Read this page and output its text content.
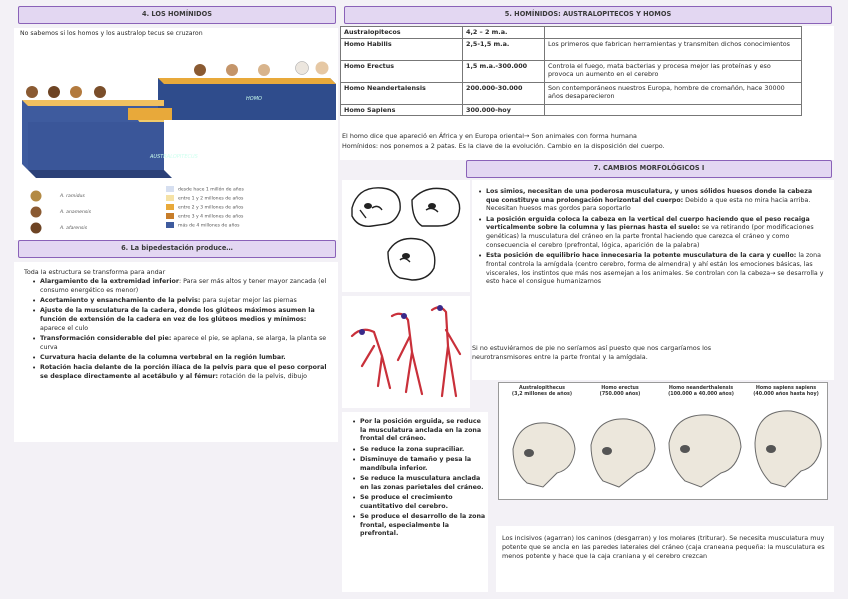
4. LOS HOMÍNIDOS
No sabemos si los homos y los australop tecus se cruzaron
HOMO
AUSTRALOPITECUS
A. ramidus
A. anamensis
A. afarensis
desde hace 1 millón de años
entre 1 y 2 millones de años
entre 2 y 3 millones de años
entre 3 y 4 millones de años
más de 4 millones de años
5. HOMÍNIDOS: AUSTRALOPITECOS Y HOMOS
Australopitecos	4,2 – 2 m.a.	
Homo Habilis	2,5-1,5 m.a.	Los primeros que fabrican herramientas y transmiten dichos conocimientos
Homo Erectus	1,5 m.a.-300.000	Controla el fuego, mata bacterias y procesa mejor las proteínas y eso provoca un aumento en el cerebro
Homo Neandertalensis	200.000-30.000	Son contemporáneos nuestros Europa, hombre de cromañón, hace 30000 años desaparecieron
Homo Sapiens	300.000-hoy	
El homo dice que apareció en África y en Europa oriental→ Son animales con forma humana
Homínidos: nos ponemos a 2 patas. Es la clave de la evolución. Cambio en la disposición del cuerpo.
6. La bipedestación produce…
Toda la estructura se transforma para andar
• Alargamiento de la extremidad inferior: Para ser más altos y tener mayor zancada (el consumo energético es menor)
• Acortamiento y ensanchamiento de la pelvis: para sujetar mejor las piernas
• Ajuste de la musculatura de la cadera, donde los glúteos máximos asumen la función de extensión de la cadera en vez de los glúteos medios y mínimos: aparece el culo
• Transformación considerable del pie: aparece el pie, se aplana, se alarga, la planta se curva
• Curvatura hacia delante de la columna vertebral en la región lumbar.
• Rotación hacia delante de la porción ilíaca de la pelvis para que el peso corporal se desplace directamente al acetábulo y al fémur: rotación de la pelvis, dibujo
• Por la posición erguida, se reduce la musculatura anclada en la zona frontal del cráneo.
• Se reduce la zona supraciliar.
• Disminuye de tamaño y pesa la mandíbula inferior.
• Se reduce la musculatura anclada en las zonas parietales del cráneo.
• Se produce el crecimiento cuantitativo del cerebro.
• Se produce el desarrollo de la zona frontal, especialmente la prefrontal.
7. CAMBIOS MORFOLÓGICOS I
• Los simios, necesitan de una poderosa musculatura, y unos sólidos huesos donde la cabeza que constituye una prolongación horizontal del cuerpo: Debido a que esta no mira hacia arriba. Necesitan huesos mas gordos para soportarlo
• La posición erguida coloca la cabeza en la vertical del cuerpo haciendo que el peso recaiga verticalmente sobre la columna y las piernas hasta el suelo: se va retirando (por modificaciones genéticas) la musculatura del cráneo en la parte frontal haciendo que carezca el cráneo y como consecuencia el cerebro (prefrontal, lógica, aparición de la palabra)
• Esta posición de equilibrio hace innecesaria la potente musculatura de la cara y cuello: la zona frontal controla la amígdala (centro cerebro, forma de almendra) y ahí están los emociones básicas, las viscerales, los instintos que más nos asemejan a los animales. Se controlan con la cabeza→ se desarrolla y esto hace el consigue humanizarnos
Si no estuviéramos de pie no seríamos así puesto que nos cargaríamos los neurotransmisores entre la parte frontal y la amígdala.
Australopithecus
(3,2 millones de años)
Homo erectus
(750.000 años)
Homo neanderthalensis
(100.000 a 40.000 años)
Homo sapiens sapiens
(40.000 años hasta hoy)
Los incisivos (agarran) los caninos (desgarran) y los molares (triturar). Se necesita musculatura muy potente que se ancla en las paredes laterales del cráneo (caja craneana pequeña: la musculatura es menos potente y hace que la caja craniana y el cerebro crezcan
